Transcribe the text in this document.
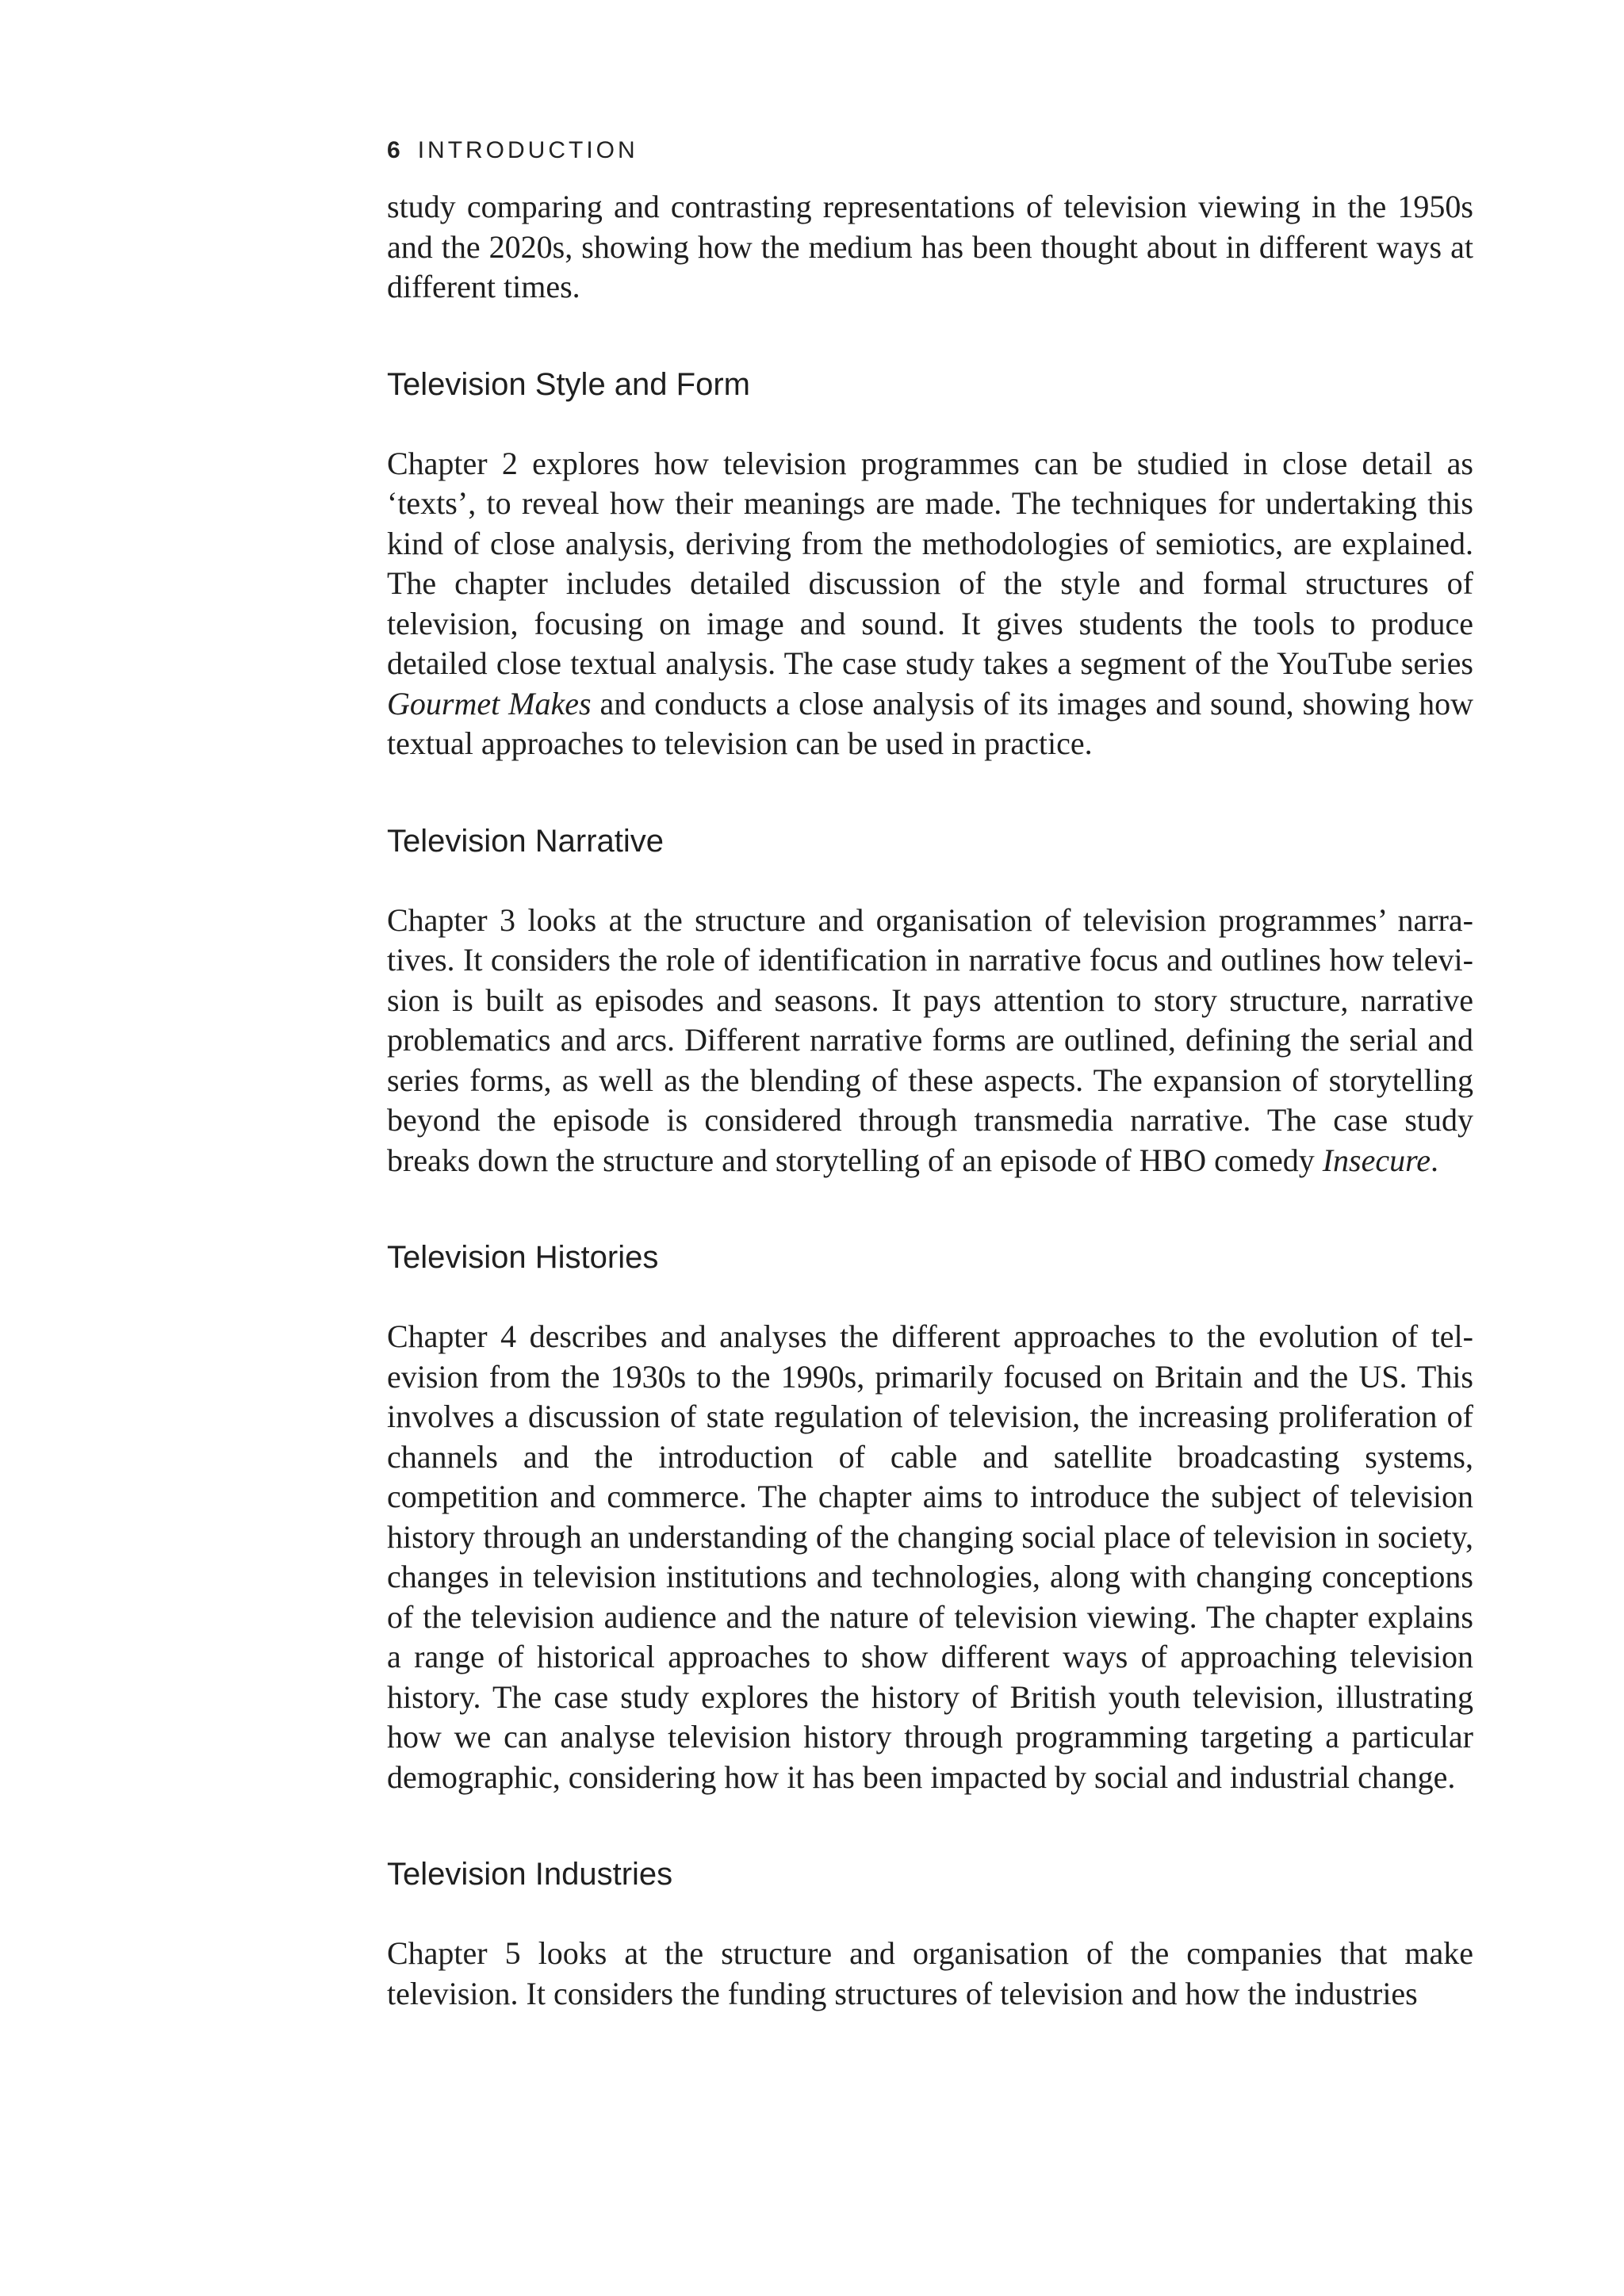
6 INTRODUCTION

study comparing and contrasting representations of television viewing in the 1950s and the 2020s, showing how the medium has been thought about in different ways at different times.

Television Style and Form

Chapter 2 explores how television programmes can be studied in close detail as ‘texts’, to reveal how their meanings are made. The techniques for undertaking this kind of close analysis, deriving from the methodologies of semiotics, are explained. The chapter includes detailed discussion of the style and formal structures of television, focusing on image and sound. It gives students the tools to produce detailed close textual analysis. The case study takes a segment of the YouTube series Gourmet Makes and conducts a close analysis of its images and sound, showing how textual approaches to television can be used in practice.

Television Narrative

Chapter 3 looks at the structure and organisation of television programmes’ narratives. It considers the role of identification in narrative focus and outlines how television is built as episodes and seasons. It pays attention to story structure, narrative problematics and arcs. Different narrative forms are outlined, defining the serial and series forms, as well as the blending of these aspects. The expansion of storytelling beyond the episode is considered through transmedia narrative. The case study breaks down the structure and storytelling of an episode of HBO comedy Insecure.

Television Histories

Chapter 4 describes and analyses the different approaches to the evolution of television from the 1930s to the 1990s, primarily focused on Britain and the US. This involves a discussion of state regulation of television, the increasing proliferation of channels and the introduction of cable and satellite broadcasting systems, competition and commerce. The chapter aims to introduce the subject of television history through an understanding of the changing social place of television in society, changes in television institutions and technologies, along with changing conceptions of the television audience and the nature of television viewing. The chapter explains a range of historical approaches to show different ways of approaching television history. The case study explores the history of British youth television, illustrating how we can analyse television history through programming targeting a particular demographic, considering how it has been impacted by social and industrial change.

Television Industries

Chapter 5 looks at the structure and organisation of the companies that make television. It considers the funding structures of television and how the industries
